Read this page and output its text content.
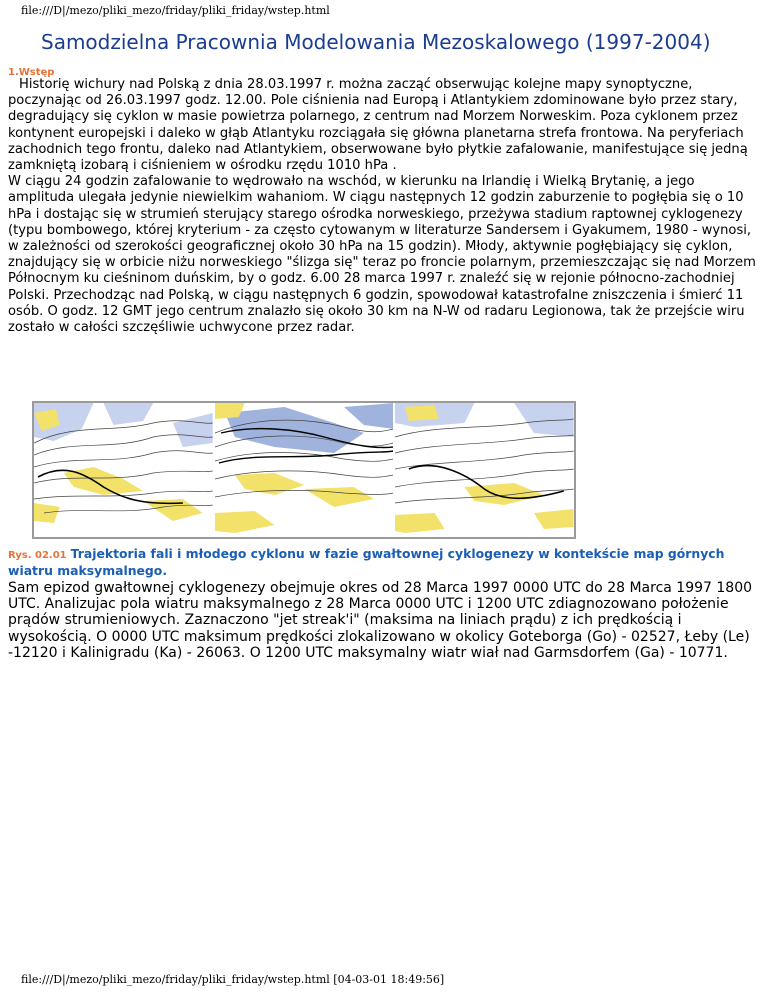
file:///D|/mezo/pliki_mezo/friday/pliki_friday/wstep.html
Samodzielna Pracownia Modelowania Mezoskalowego (1997-2004)
1.Wstęp

Historię wichury nad Polską z dnia 28.03.1997 r. można zacząć obserwując kolejne mapy synoptyczne, poczynając od 26.03.1997 godz. 12.00. Pole ciśnienia nad Europą i Atlantykiem zdominowane było przez stary, degradujący się cyklon w masie powietrza polarnego, z centrum nad Morzem Norweskim. Poza cyklonem przez kontynent europejski i daleko w głąb Atlantyku rozciągała się główna planetarna strefa frontowa. Na peryferiach zachodnich tego frontu, daleko nad Atlantykiem, obserwowane było płytkie zafalowanie, manifestujące się jedną zamkniętą izobarą i ciśnieniem w ośrodku rzędu 1010 hPa .

W ciągu 24 godzin zafalowanie to wędrowało na wschód, w kierunku na Irlandię i Wielką Brytanię, a jego amplituda ulegała jedynie niewielkim wahaniom. W ciągu następnych 12 godzin zaburzenie to pogłębia się o 10 hPa i dostając się w strumień sterujący starego ośrodka norweskiego, przeżywa stadium raptownej cyklogenezy (typu bombowego, której kryterium - za często cytowanym w literaturze Sandersem i Gyakumem, 1980 - wynosi, w zależności od szerokości geograficznej około 30 hPa na 15 godzin). Młody, aktywnie pogłębiający się cyklon, znajdujący się w orbicie niżu norweskiego "ślizga się" teraz po froncie polarnym, przemieszczając się nad Morzem Północnym ku cieśninom duńskim, by o godz. 6.00 28 marca 1997 r. znaleźć się w rejonie północno-zachodniej Polski. Przechodząc nad Polską, w ciągu następnych 6 godzin, spowodował katastrofalne zniszczenia i śmierć 11 osób. O godz. 12 GMT jego centrum znalazło się około 30 km na N-W od radaru Legionowa, tak że przejście wiru zostało w całości szczęśliwie uchwycone przez radar.

Rys. 02.01 Trajektoria fali i młodego cyklonu w fazie gwałtownej cyklogenezy w kontekście map górnych wiatru maksymalnego.

Sam epizod gwałtownej cyklogenezy obejmuje okres od 28 Marca 1997 0000 UTC do 28 Marca 1997 1800 UTC. Analizujac pola wiatru maksymalnego z 28 Marca 0000 UTC i 1200 UTC zdiagnozowano położenie prądów strumieniowych. Zaznaczono "jet streak'i" (maksima na liniach prądu) z ich prędkością i wysokością. O 0000 UTC maksimum prędkości zlokalizowano w okolicy Goteborga (Go) - 02527, Łeby (Le) -12120 i Kalinigradu (Ka) - 26063. O 1200 UTC maksymalny wiatr wiał nad Garmsdorfem (Ga) - 10771.

file:///D|/mezo/pliki_mezo/friday/pliki_friday/wstep.html [04-03-01 18:49:56]
